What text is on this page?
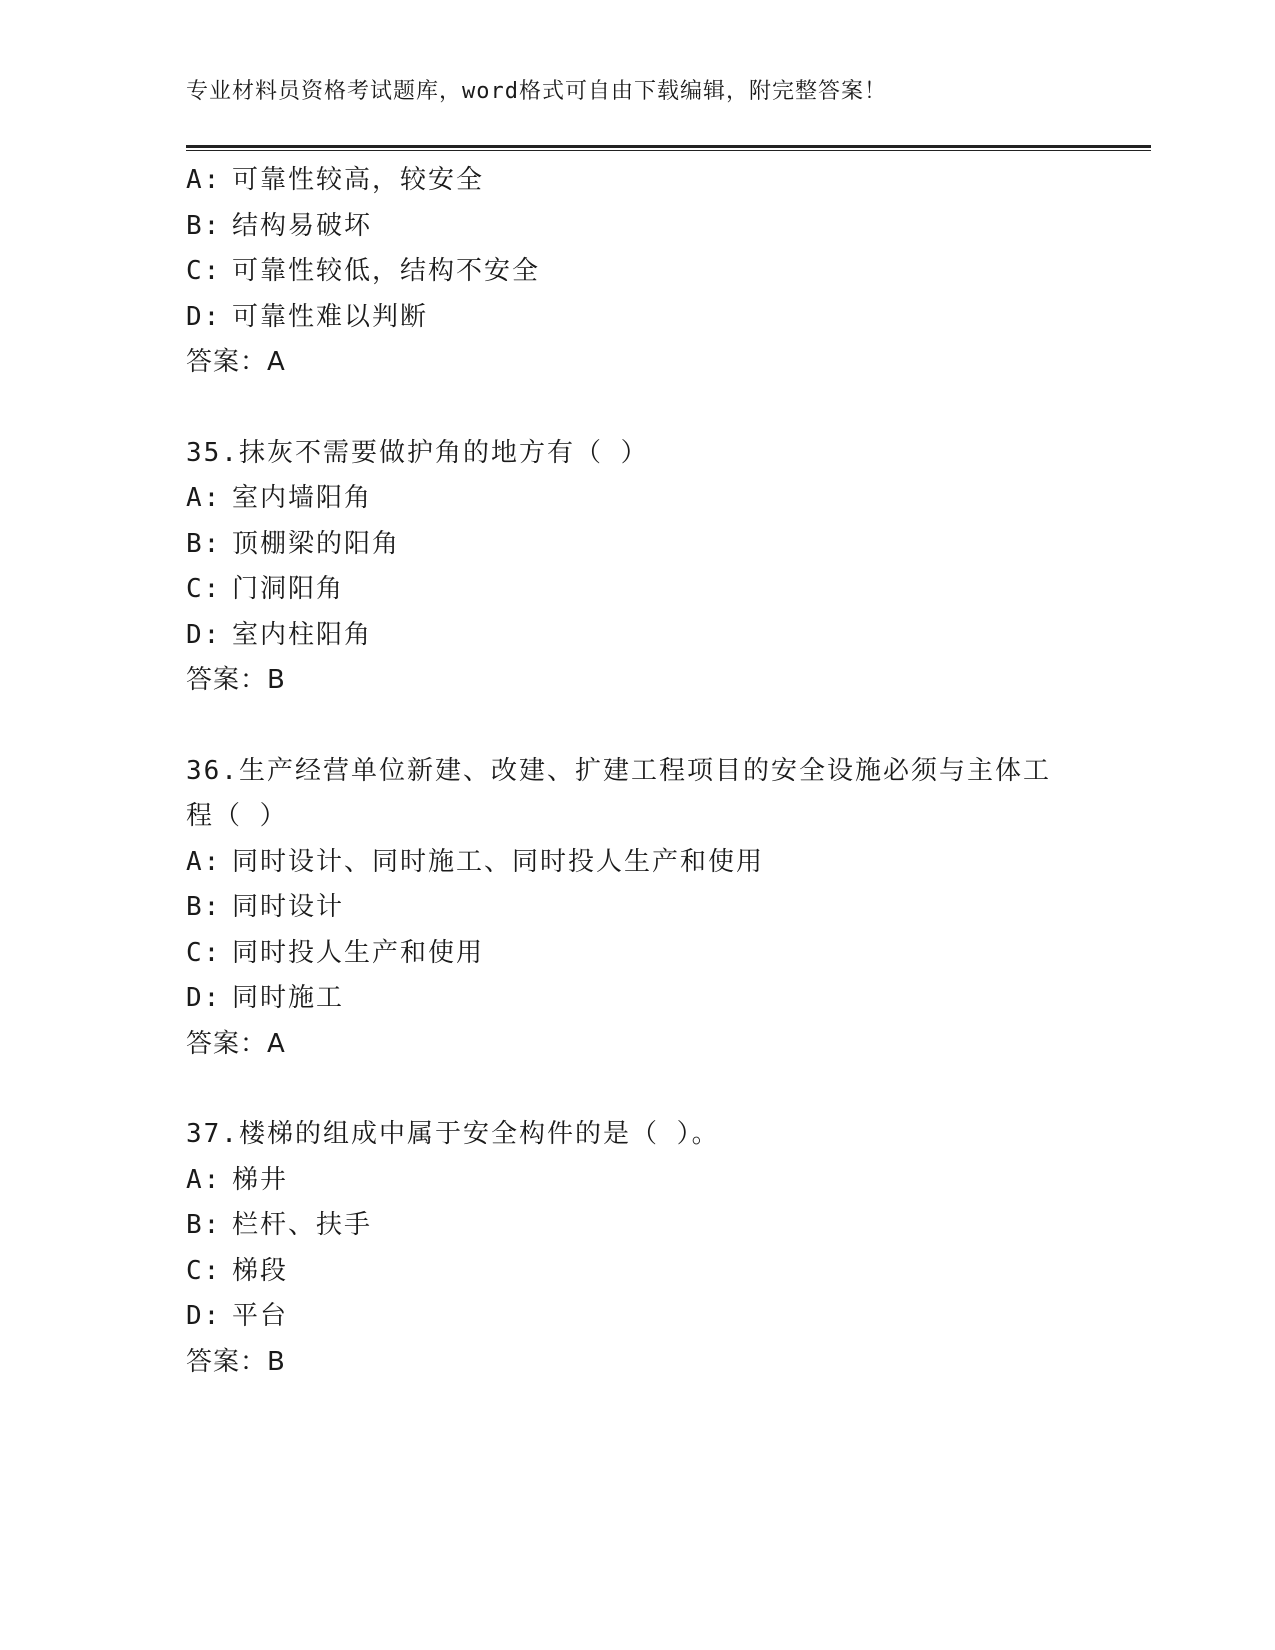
专业材料员资格考试题库，word格式可自由下载编辑，附完整答案！
A: 可靠性较高，较安全
B: 结构易破坏
C: 可靠性较低，结构不安全
D: 可靠性难以判断
答案：A
35.抹灰不需要做护角的地方有（ ）
A: 室内墙阳角
B: 顶棚梁的阳角
C: 门洞阳角
D: 室内柱阳角
答案：B
36.生产经营单位新建、改建、扩建工程项目的安全设施必须与主体工
程（ ）
A: 同时设计、同时施工、同时投人生产和使用
B: 同时设计
C: 同时投人生产和使用
D: 同时施工
答案：A
37.楼梯的组成中属于安全构件的是（ ）。
A: 梯井
B: 栏杆、扶手
C: 梯段
D: 平台
答案：B
